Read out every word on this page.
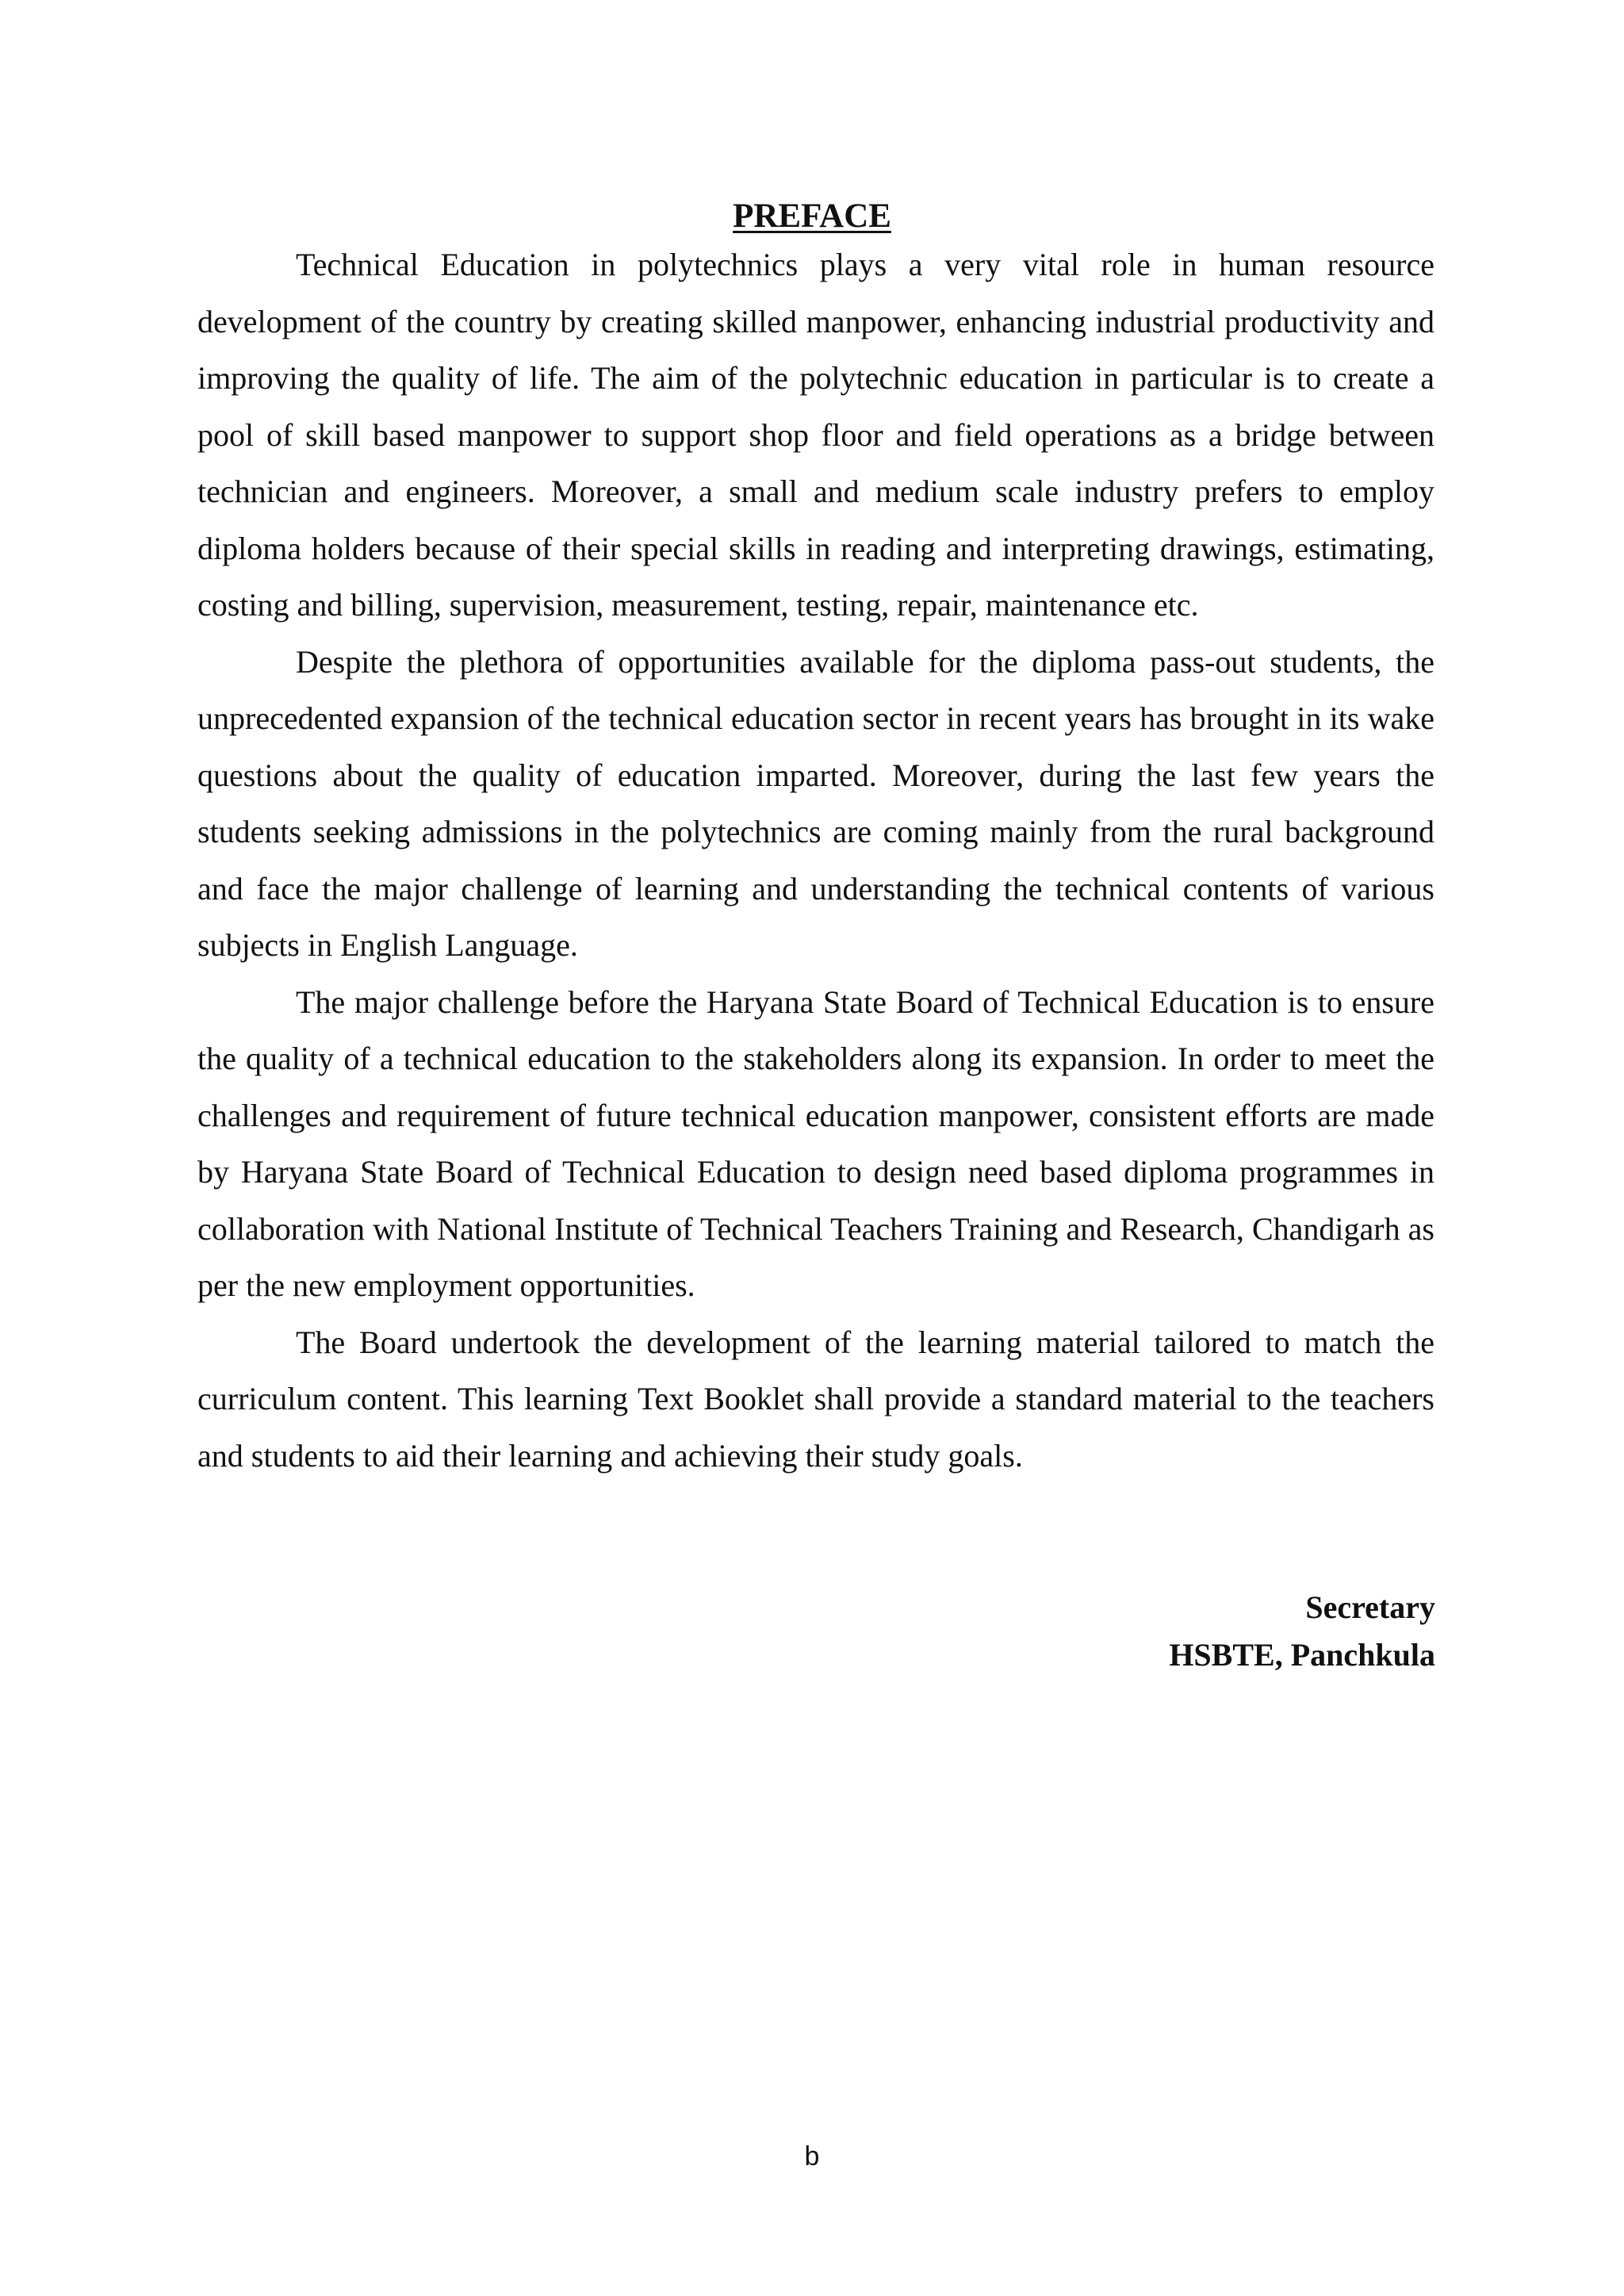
PREFACE

Technical Education in polytechnics plays a very vital role in human resource development of the country by creating skilled manpower, enhancing industrial productivity and improving the quality of life. The aim of the polytechnic education in particular is to create a pool of skill based manpower to support shop floor and field operations as a bridge between technician and engineers. Moreover, a small and medium scale industry prefers to employ diploma holders because of their special skills in reading and interpreting drawings, estimating, costing and billing, supervision, measurement, testing, repair, maintenance etc.

Despite the plethora of opportunities available for the diploma pass-out students, the unprecedented expansion of the technical education sector in recent years has brought in its wake questions about the quality of education imparted. Moreover, during the last few years the students seeking admissions in the polytechnics are coming mainly from the rural background and face the major challenge of learning and understanding the technical contents of various subjects in English Language.

The major challenge before the Haryana State Board of Technical Education is to ensure the quality of a technical education to the stakeholders along its expansion. In order to meet the challenges and requirement of future technical education manpower, consistent efforts are made by Haryana State Board of Technical Education to design need based diploma programmes in collaboration with National Institute of Technical Teachers Training and Research, Chandigarh as per the new employment opportunities.

The Board undertook the development of the learning material tailored to match the curriculum content. This learning Text Booklet shall provide a standard material to the teachers and students to aid their learning and achieving their study goals.

Secretary
HSBTE, Panchkula
b
